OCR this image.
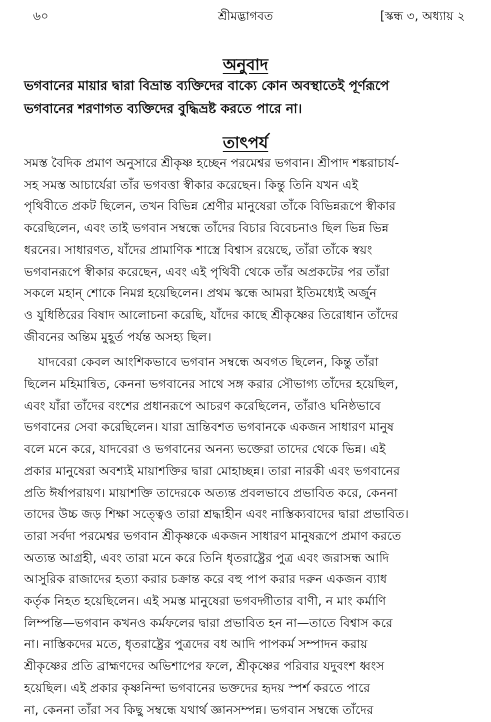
৬০	শ্রীমদ্ভাগবত	[স্কন্ধ ৩, অধ্যায় ২
অনুবাদ
ভগবানের মায়ার দ্বারা বিভ্রান্ত ব্যক্তিদের বাক্যে কোন অবস্থাতেই পূর্ণরূপে
ভগবানের শরণাগত ব্যক্তিদের বুদ্ধিভ্রষ্ট করতে পারে না।
তাৎপর্য
সমস্ত বৈদিক প্রমাণ অনুসারে শ্রীকৃষ্ণ হচ্ছেন পরমেশ্বর ভগবান। শ্রীপাদ শঙ্করাচার্য-
সহ সমস্ত আচার্যেরা তাঁর ভগবত্তা স্বীকার করেছেন। কিন্তু তিনি যখন এই
পৃথিবীতে প্রকট ছিলেন, তখন বিভিন্ন শ্রেণীর মানুষেরা তাঁকে বিভিন্নরূপে স্বীকার
করেছিলেন, এবং তাই ভগবান সম্বন্ধে তাঁদের বিচার বিবেচনাও ছিল ভিন্ন ভিন্ন
ধরনের। সাধারণত, যাঁদের প্রামাণিক শাস্ত্রে বিশ্বাস রয়েছে, তাঁরা তাঁকে স্বয়ং
ভগবানরূপে স্বীকার করেছেন, এবং এই পৃথিবী থেকে তাঁর অপ্রকটের পর তাঁরা
সকলে মহান্ শোকে নিমগ্ন হয়েছিলেন। প্রথম স্কন্ধে আমরা ইতিমধ্যেই অর্জুন
ও যুধিষ্ঠিরের বিষাদ আলোচনা করেছি, যাঁদের কাছে শ্রীকৃষ্ণের তিরোধান তাঁদের
জীবনের অন্তিম মুহূর্ত পর্যন্ত অসহ্য ছিল।
যাদবেরা কেবল আংশিকভাবে ভগবান সম্বন্ধে অবগত ছিলেন, কিন্তু তাঁরা
ছিলেন মহিমান্বিত, কেননা ভগবানের সাথে সঙ্গ করার সৌভাগ্য তাঁদের হয়েছিল,
এবং যাঁরা তাঁদের বংশের প্রধানরূপে আচরণ করেছিলেন, তাঁরাও ঘনিষ্ঠভাবে
ভগবানের সেবা করেছিলেন। যারা ভ্রান্তিবশত ভগবানকে একজন সাধারণ মানুষ
বলে মনে করে, যাদবেরা ও ভগবানের অনন্য ভক্তেরা তাদের থেকে ভিন্ন। এই
প্রকার মানুষেরা অবশ্যই মায়াশক্তির দ্বারা মোহাচ্ছন্ন। তারা নারকী এবং ভগবানের
প্রতি ঈর্ষাপরায়ণ। মায়াশক্তি তাদেরকে অত্যন্ত প্রবলভাবে প্রভাবিত করে, কেননা
তাদের উচ্চ জড় শিক্ষা সত্ত্বেও তারা শ্রদ্ধাহীন এবং নাস্তিক্যবাদের দ্বারা প্রভাবিত।
তারা সর্বদা পরমেশ্বর ভগবান শ্রীকৃষ্ণকে একজন সাধারণ মানুষরূপে প্রমাণ করতে
অত্যন্ত আগ্রহী, এবং তারা মনে করে তিনি ধৃতরাষ্ট্রের পুত্র এবং জরাসন্ধ আদি
আসুরিক রাজাদের হত্যা করার চক্রান্ত করে বহু পাপ করার দরুন একজন ব্যাধ
কর্তৃক নিহত হয়েছিলেন। এই সমস্ত মানুষেরা ভগবদ্গীতার বাণী, ন মাং কর্মাণি
লিম্পন্তি—ভগবান কখনও কর্মফলের দ্বারা প্রভাবিত হন না—তাতে বিশ্বাস করে
না। নাস্তিকদের মতে, ধৃতরাষ্ট্রের পুত্রদের বধ আদি পাপকর্ম সম্পাদন করায়
শ্রীকৃষ্ণের প্রতি ব্রাহ্মণদের অভিশাপের ফলে, শ্রীকৃষ্ণের পরিবার যদুবংশ ধ্বংস
হয়েছিল। এই প্রকার কৃষ্ণনিন্দা ভগবানের ভক্তদের হৃদয় স্পর্শ করতে পারে
না, কেননা তাঁরা সব কিছু সম্বন্ধে যথার্থ জ্ঞানসম্পন্ন। ভগবান সম্বন্ধে তাঁদের
